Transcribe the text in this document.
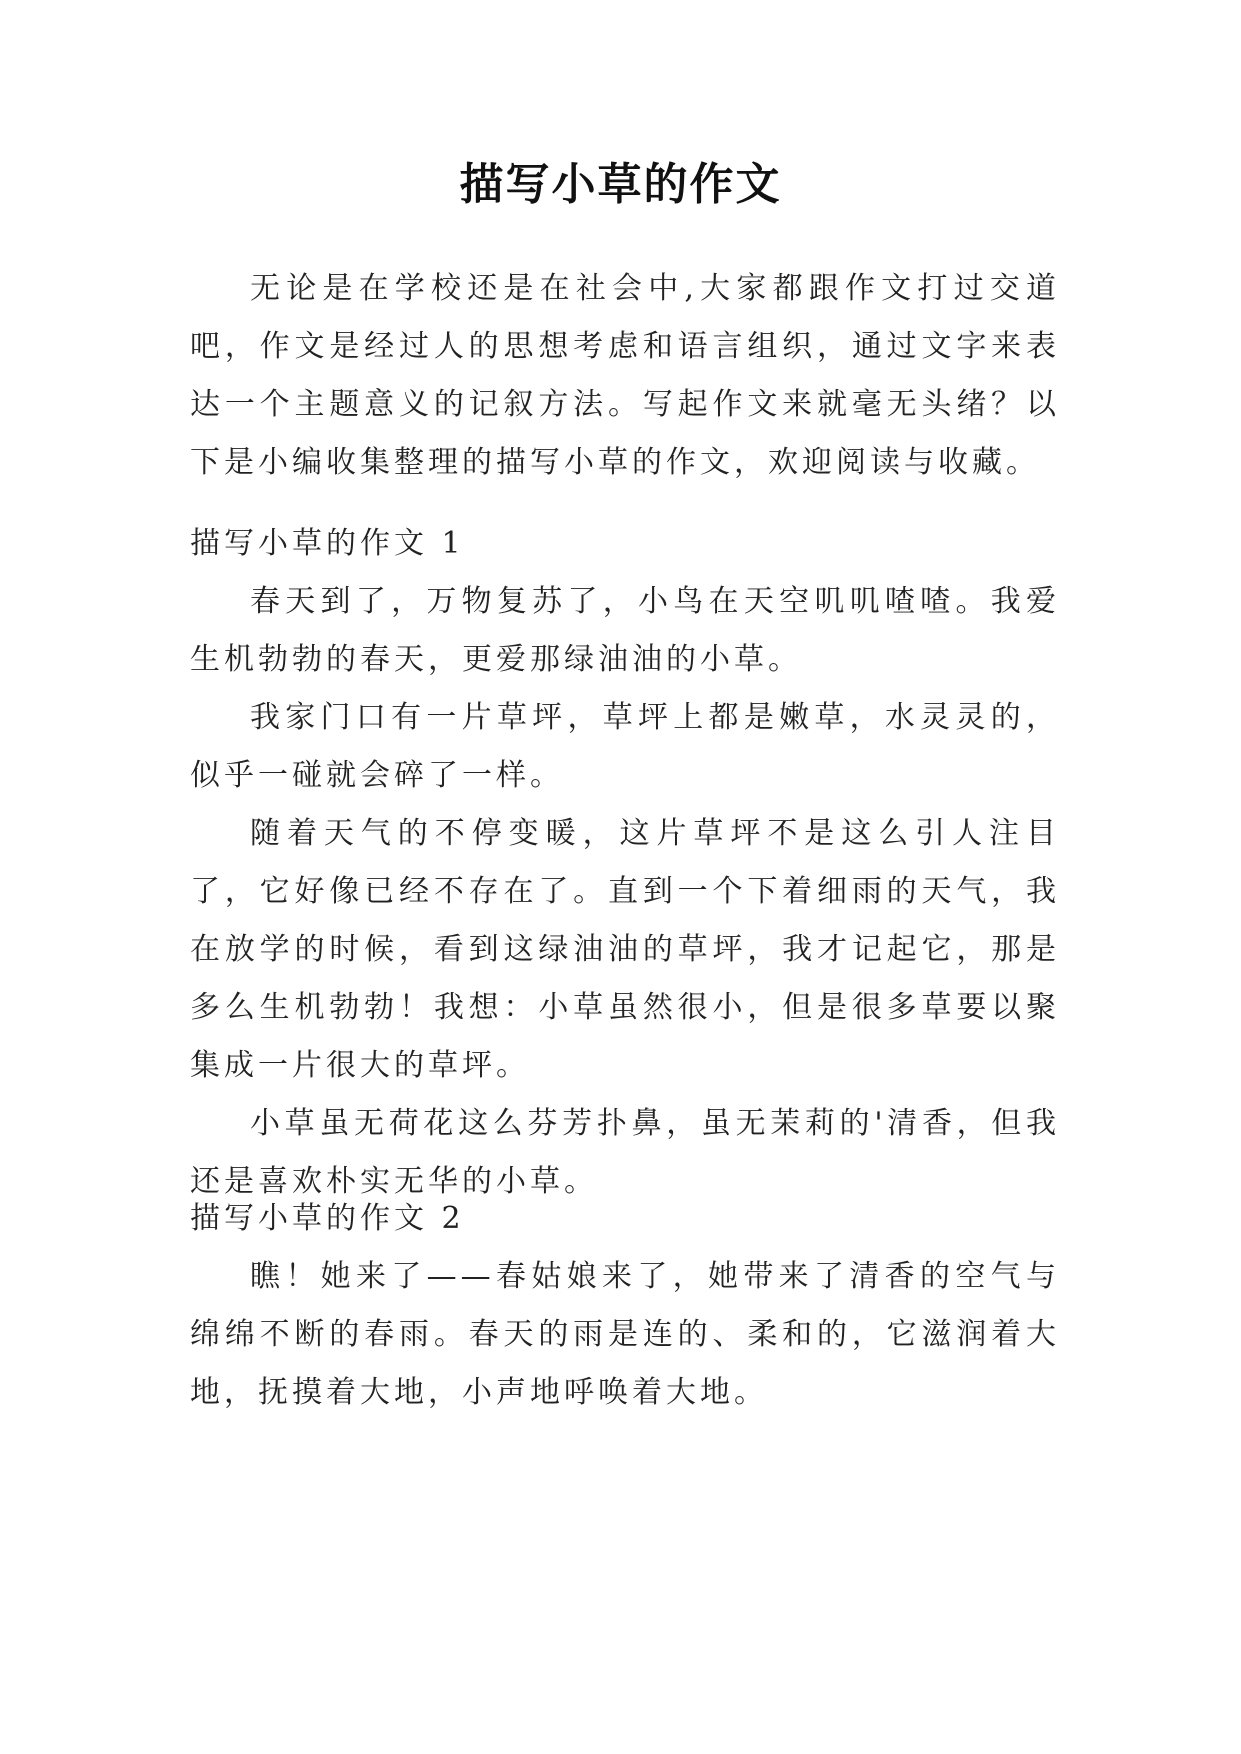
描写小草的作文

无论是在学校还是在社会中,大家都跟作文打过交道吧，作文是经过人的思想考虑和语言组织，通过文字来表达一个主题意义的记叙方法。写起作文来就毫无头绪？以下是小编收集整理的描写小草的作文，欢迎阅读与收藏。

描写小草的作文 1

春天到了，万物复苏了，小鸟在天空叽叽喳喳。我爱生机勃勃的春天，更爱那绿油油的小草。

我家门口有一片草坪，草坪上都是嫩草，水灵灵的，似乎一碰就会碎了一样。

随着天气的不停变暖，这片草坪不是这么引人注目了，它好像已经不存在了。直到一个下着细雨的天气，我在放学的时候，看到这绿油油的草坪，我才记起它，那是多么生机勃勃！我想：小草虽然很小，但是很多草要以聚集成一片很大的草坪。

小草虽无荷花这么芬芳扑鼻，虽无茉莉的'清香，但我还是喜欢朴实无华的小草。

描写小草的作文 2

瞧！她来了——春姑娘来了，她带来了清香的空气与绵绵不断的春雨。春天的雨是连的、柔和的，它滋润着大地，抚摸着大地，小声地呼唤着大地。
